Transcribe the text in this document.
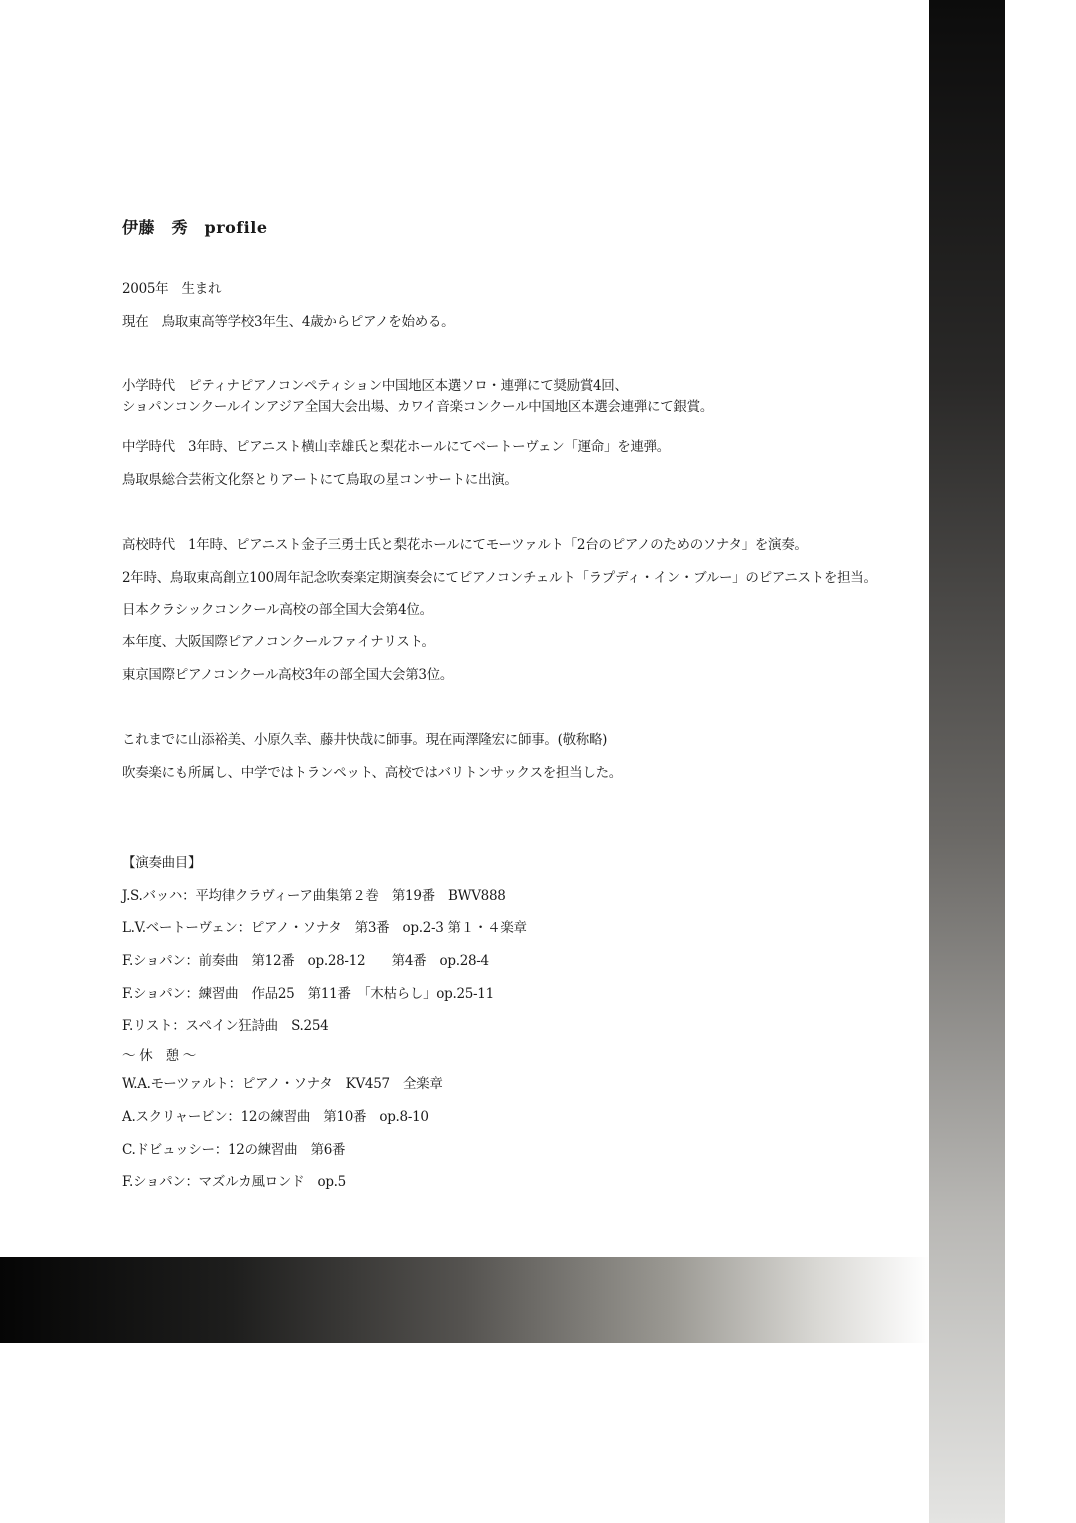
伊藤　秀　profile
2005年　生まれ
現在　鳥取東高等学校3年生、4歳からピアノを始める。
小学時代　ピティナピアノコンペティション中国地区本選ソロ・連弾にて奨励賞4回、
ショパンコンクールインアジア全国大会出場、カワイ音楽コンクール中国地区本選会連弾にて銀賞。
中学時代　3年時、ピアニスト横山幸雄氏と梨花ホールにてベートーヴェン「運命」を連弾。
鳥取県総合芸術文化祭とりアートにて鳥取の星コンサートに出演。
高校時代　1年時、ピアニスト金子三勇士氏と梨花ホールにてモーツァルト「2台のピアノのためのソナタ」を演奏。
2年時、鳥取東高創立100周年記念吹奏楽定期演奏会にてピアノコンチェルト「ラプディ・イン・ブルー」のピアニストを担当。
日本クラシックコンクール高校の部全国大会第4位。
本年度、大阪国際ピアノコンクールファイナリスト。
東京国際ピアノコンクール高校3年の部全国大会第3位。
これまでに山添裕美、小原久幸、藤井快哉に師事。現在両澤隆宏に師事。(敬称略)
吹奏楽にも所属し、中学ではトランペット、高校ではバリトンサックスを担当した。
【演奏曲目】
J.S.バッハ：平均律クラヴィーア曲集第２巻　第19番　BWV888
L.V.ベートーヴェン：ピアノ・ソナタ　第3番　op.2-3 第１・４楽章
F.ショパン：前奏曲　第12番　op.28-12　　第4番　op.28-4
F.ショパン：練習曲　作品25　第11番　「木枯らし」op.25-11
F.リスト：スペイン狂詩曲　S.254
～ 休　憩 ～
W.A.モーツァルト：ピアノ・ソナタ　KV457　全楽章
A.スクリャービン：12の練習曲　第10番　op.8-10
C.ドビュッシー：12の練習曲　第6番
F.ショパン：マズルカ風ロンド　op.5
